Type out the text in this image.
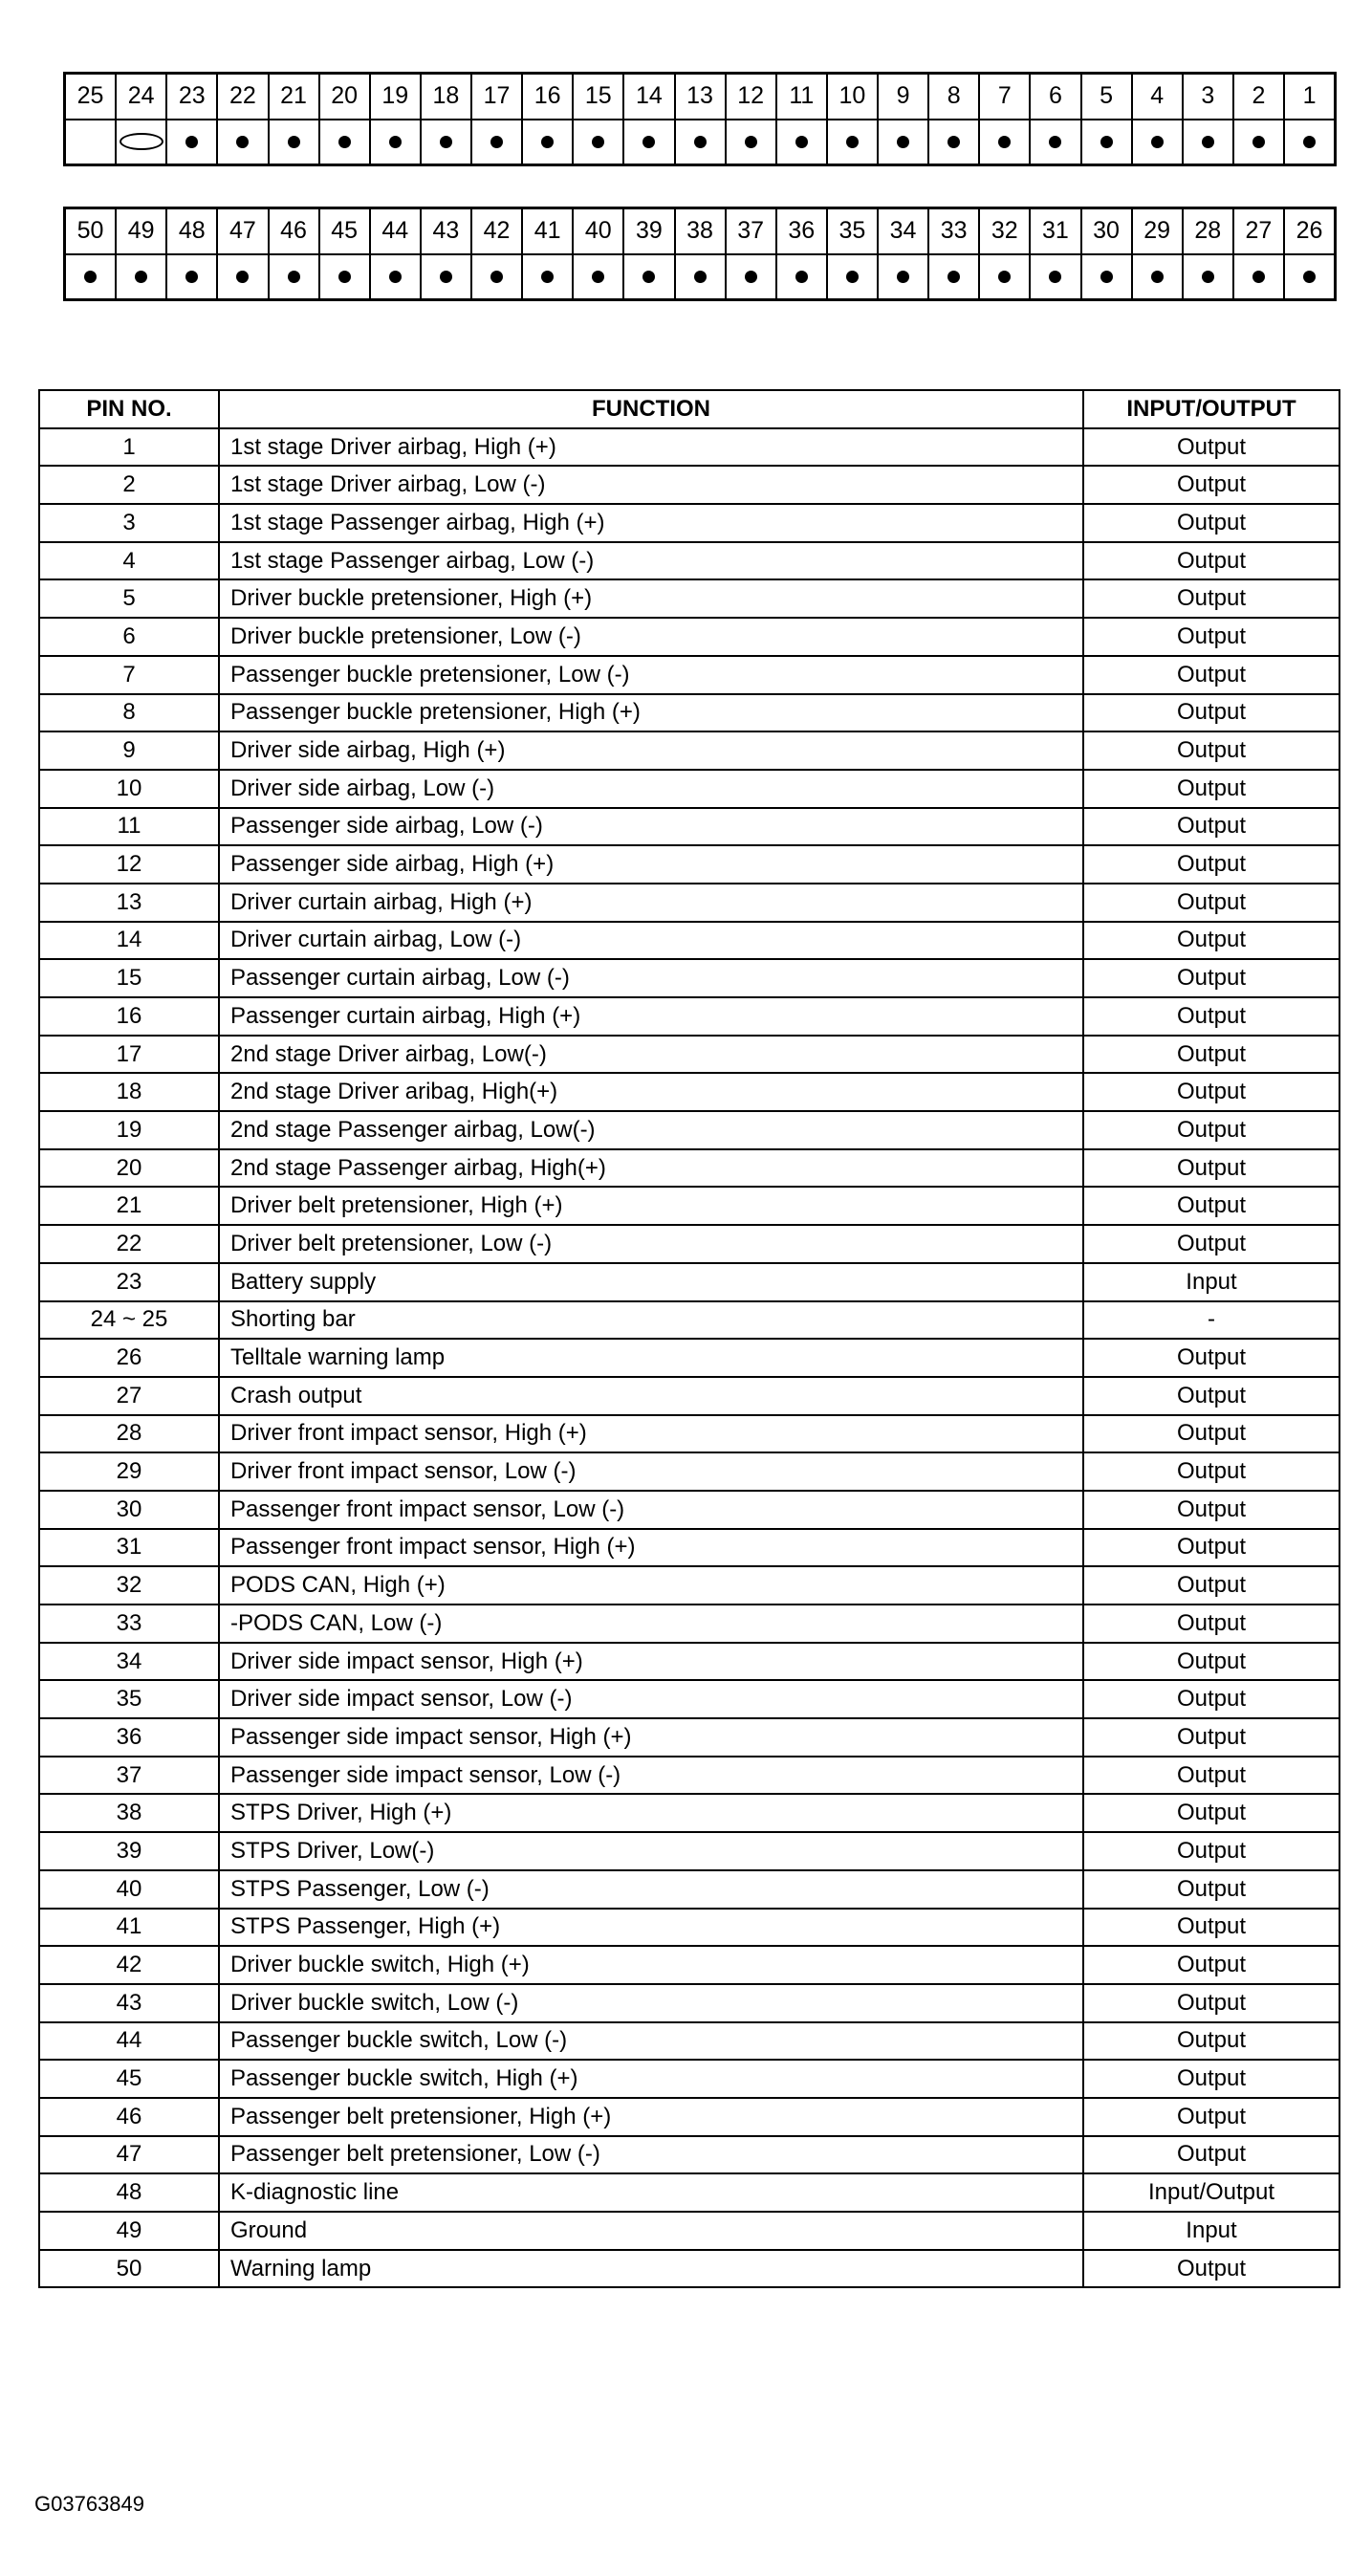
25	24	23	22	21	20	19	18	17	16	15	14	13	12	11	10	9	8	7	6	5	4	3	2	1
50	49	48	47	46	45	44	43	42	41	40	39	38	37	36	35	34	33	32	31	30	29	28	27	26
PIN NO.	FUNCTION	INPUT/OUTPUT
1	1st stage Driver airbag, High (+)	Output
2	1st stage Driver airbag, Low (-)	Output
3	1st stage Passenger airbag, High (+)	Output
4	1st stage Passenger airbag, Low (-)	Output
5	Driver buckle pretensioner, High (+)	Output
6	Driver buckle pretensioner, Low (-)	Output
7	Passenger buckle pretensioner, Low (-)	Output
8	Passenger buckle pretensioner, High (+)	Output
9	Driver side airbag, High (+)	Output
10	Driver side airbag, Low (-)	Output
11	Passenger side airbag, Low (-)	Output
12	Passenger side airbag, High (+)	Output
13	Driver curtain airbag, High (+)	Output
14	Driver curtain airbag, Low (-)	Output
15	Passenger curtain airbag, Low (-)	Output
16	Passenger curtain airbag, High (+)	Output
17	2nd stage Driver airbag, Low(-)	Output
18	2nd stage Driver aribag, High(+)	Output
19	2nd stage Passenger airbag, Low(-)	Output
20	2nd stage Passenger airbag, High(+)	Output
21	Driver belt pretensioner, High (+)	Output
22	Driver belt pretensioner, Low (-)	Output
23	Battery supply	Input
24 ~ 25	Shorting bar	-
26	Telltale warning lamp	Output
27	Crash output	Output
28	Driver front impact sensor, High (+)	Output
29	Driver front impact sensor, Low (-)	Output
30	Passenger front impact sensor, Low (-)	Output
31	Passenger front impact sensor, High (+)	Output
32	PODS CAN, High (+)	Output
33	-PODS CAN, Low (-)	Output
34	Driver side impact sensor, High (+)	Output
35	Driver side impact sensor, Low (-)	Output
36	Passenger side impact sensor, High (+)	Output
37	Passenger side impact sensor, Low (-)	Output
38	STPS Driver, High (+)	Output
39	STPS Driver, Low(-)	Output
40	STPS Passenger, Low (-)	Output
41	STPS Passenger, High (+)	Output
42	Driver buckle switch, High (+)	Output
43	Driver buckle switch, Low (-)	Output
44	Passenger buckle switch, Low (-)	Output
45	Passenger buckle switch, High (+)	Output
46	Passenger belt pretensioner, High (+)	Output
47	Passenger belt pretensioner, Low (-)	Output
48	K-diagnostic line	Input/Output
49	Ground	Input
50	Warning lamp	Output
G03763849
